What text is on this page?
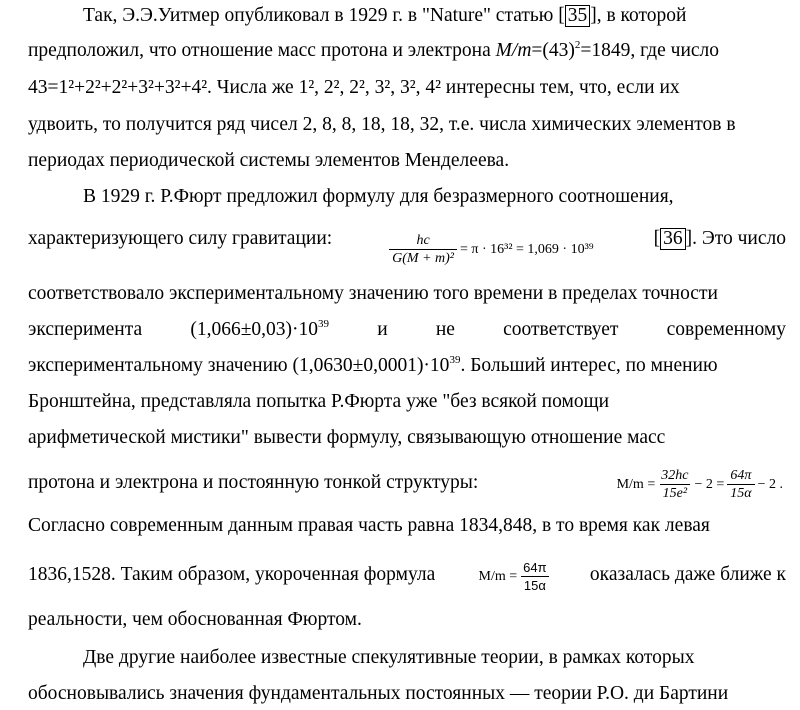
Так, Э.Э.Уитмер опубликовал в 1929 г. в "Nature" статью [ 35 ], в которой
предположил, что отношение масс протона и электрона $M/m=(43)^2=1849$, где число
43=1²+2²+2²+3²+3²+4². Числа же 1², 2², 2², 3², 3², 4² интересны тем, что, если их
удвоить, то получится ряд чисел 2, 8, 8, 18, 18, 32, т.е. числа химических элементов в
периодах периодической системы элементов Менделеева.
В 1929 г. Р.Фюрт предложил формулу для безразмерного соотношения,
характеризующего силу гравитации:	$\frac{hc}{\text{G(M + m)²}} = \pi \cdot 16^{32} = 1,069 \cdot 10^{39}$	[ 36 ]. Это число
соответствовало экспериментальному значению того времени в пределах точности
эксперимента $(1,066\pm 0,03)\cdot 10^{39}$ и не соответствует современному
экспериментальному значению $(1,0630\pm 0,0001)\cdot 10^{39}$. Больший интерес, по мнению
Бронштейна, представляла попытка Р.Фюрта уже "без всякой помощи
арифметической мистики" вывести формулу, связывающую отношение масс
протона и электрона и постоянную тонкой структуры:	$M/m = \frac{32hc}{\text{15e²}} - 2 = \frac{64\pi}{15\alpha} - 2$ .
Согласно современным данным правая часть равна 1834,848, в то время как левая
1836,1528. Таким образом, укороченная формула	$M/m = \frac{64\pi}{15\alpha}$ оказалась даже ближе к
реальности, чем обоснованная Фюртом.
Две другие наиболее известные спекулятивные теории, в рамках которых
обосновывались значения фундаментальных постоянных — теории Р.О. ди Бартини
